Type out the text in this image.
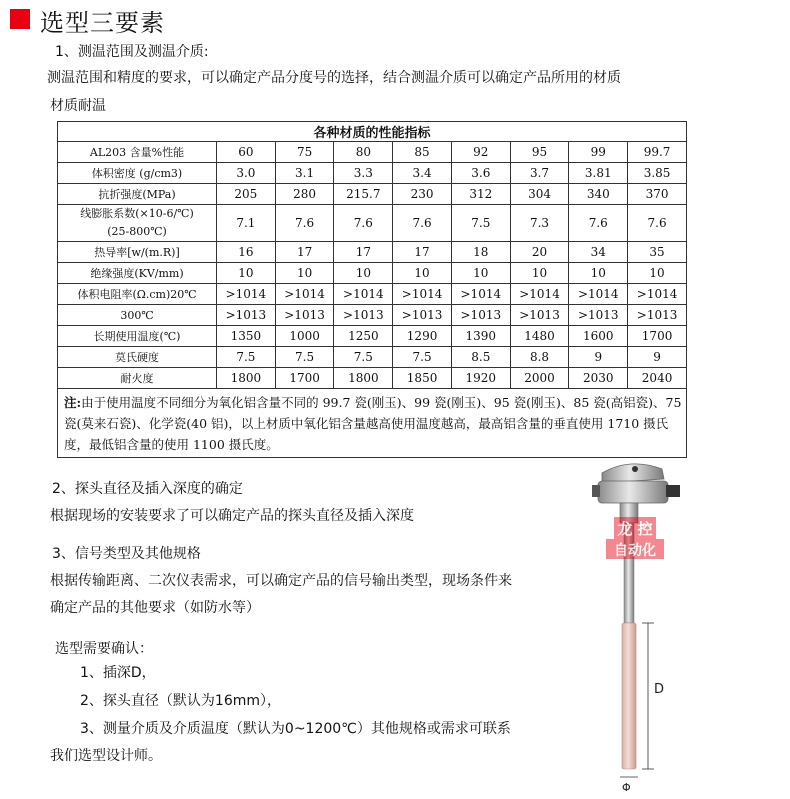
选型三要素
1、测温范围及测温介质:
测温范围和精度的要求，可以确定产品分度号的选择，结合测温介质可以确定产品所用的材质
材质耐温
各种材质的性能指标								
AL203 含量%性能	60	75	80	85	92	95	99	99.7
体积密度 (g/cm3)	3.0	3.1	3.3	3.4	3.6	3.7	3.81	3.85
抗折强度(MPa)	205	280	215.7	230	312	304	340	370

线膨胀系数(×10-6/℃)
(25-800℃)	7.1	7.6	7.6	7.6	7.5	7.3	7.6	7.6
热导率[w/(m.R)]	16	17	17	17	18	20	34	35
绝缘强度(KV/mm)	10	10	10	10	10	10	10	10
体积电阻率(Ω.cm)20℃	>1014	>1014	>1014	>1014	>1014	>1014	>1014	>1014
300℃	>1013	>1013	>1013	>1013	>1013	>1013	>1013	>1013
长期使用温度(℃)	1350	1000	1250	1290	1390	1480	1600	1700
莫氏硬度	7.5	7.5	7.5	7.5	8.5	8.8	9	9
耐火度	1800	1700	1800	1850	1920	2000	2030	2040
注:由于使用温度不同细分为氧化铝含量不同的 99.7 瓷(刚玉)、99 瓷(刚玉)、95 瓷(刚玉)、85 瓷(高铝瓷)、75 瓷(莫来石瓷)、化学瓷(40 铝)，以上材质中氧化铝含量越高使用温度越高，最高铝含量的垂直使用 1710 摄氏度，最低铝含量的使用 1100 摄氏度。								
2、探头直径及插入深度的确定
根据现场的安装要求了可以确定产品的探头直径及插入深度
3、信号类型及其他规格
根据传输距离、二次仪表需求，可以确定产品的信号输出类型，现场条件来
确定产品的其他要求（如防水等）
选型需要确认：
1、插深D，
2、探头直径（默认为16mm），
3、测量介质及介质温度（默认为0~1200℃）其他规格或需求可联系
我们选型设计师。
龙 控
自动化
D
Φ
